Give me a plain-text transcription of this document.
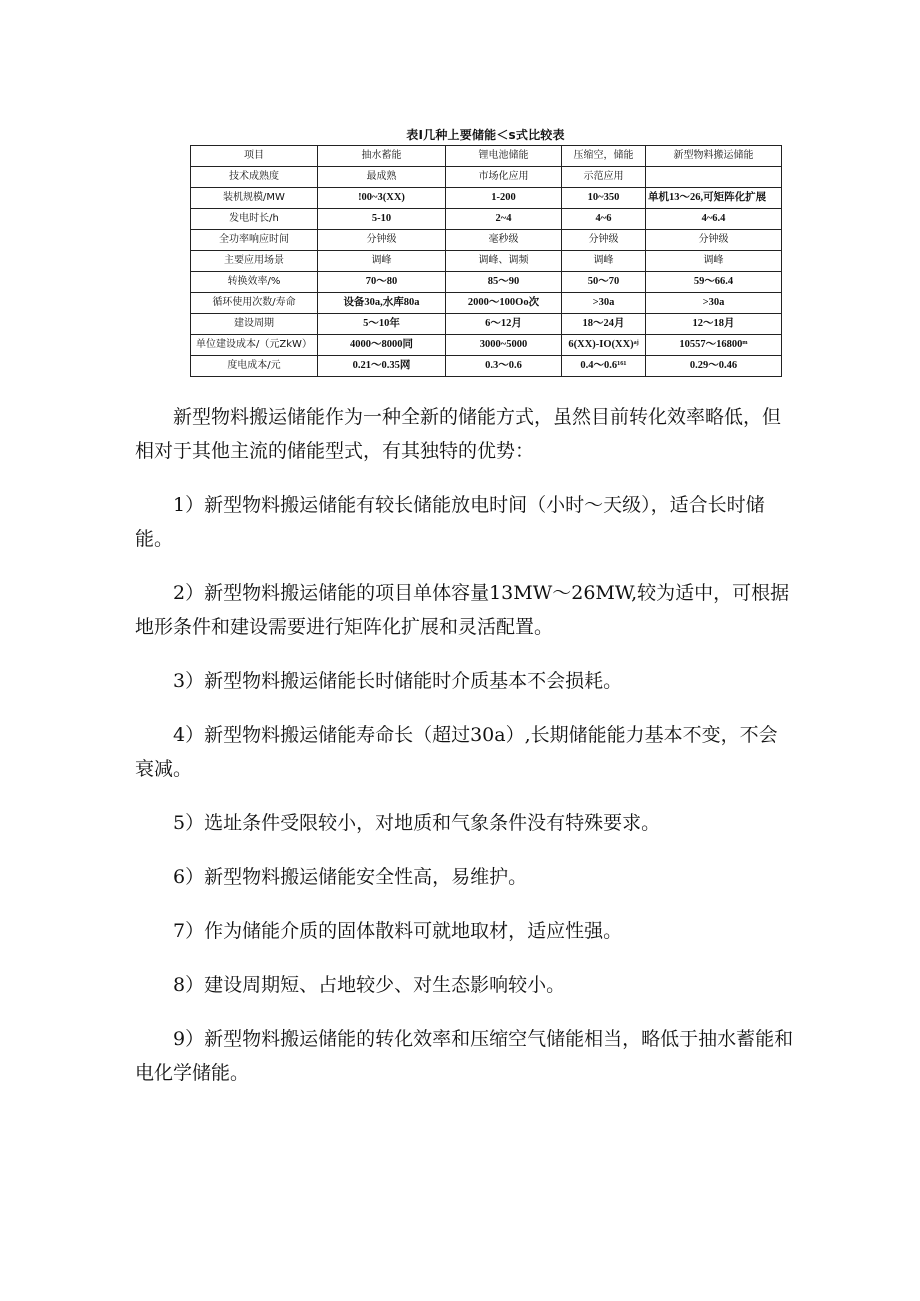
表Ⅰ几种上要储能＜s式比较表
项目	抽水蓄能	锂电池储能	压缩空，储能	新型物料搬运储能
技术成熟度	最成熟	市场化应用	示范应用	
装机规模/MW	!00~3(XX)	1-200	10~350	单机13～26,可矩阵化扩展
发电时长/h	5-10	2~4	4~6	4~6.4
全功率响应时间	分钟级	毫秒级	分钟级	分钟级
主要应用场景	调峰	调峰、调频	调峰	调峰
转换效率/%	70～80	85～90	50～70	59～66.4
循环使用次数/寿命	设备30a,水库80a	2000～100Oo次	>30a	>30a
建设周期	5～10年	6～12月	18～24月	12～18月
单位建设成本/（元ZkW）	4000～8000同	3000~5000	6(XX)-IO(XX)ᵃʲ	10557～16800ᵐ
度电成本/元	0.21～0.35网	0.3～0.6	0.4～0.6¹⁶¹	0.29～0.46

新型物料搬运储能作为一种全新的储能方式，虽然目前转化效率略低，但相对于其他主流的储能型式，有其独特的优势：

1）新型物料搬运储能有较长储能放电时间（小时～天级），适合长时储能。

2）新型物料搬运储能的项目单体容量13MW～26MW,较为适中，可根据地形条件和建设需要进行矩阵化扩展和灵活配置。

3）新型物料搬运储能长时储能时介质基本不会损耗。

4）新型物料搬运储能寿命长（超过30a）,长期储能能力基本不变，不会衰减。

5）选址条件受限较小，对地质和气象条件没有特殊要求。

6）新型物料搬运储能安全性高，易维护。

7）作为储能介质的固体散料可就地取材，适应性强。

8）建设周期短、占地较少、对生态影响较小。

9）新型物料搬运储能的转化效率和压缩空气储能相当，略低于抽水蓄能和电化学储能。
